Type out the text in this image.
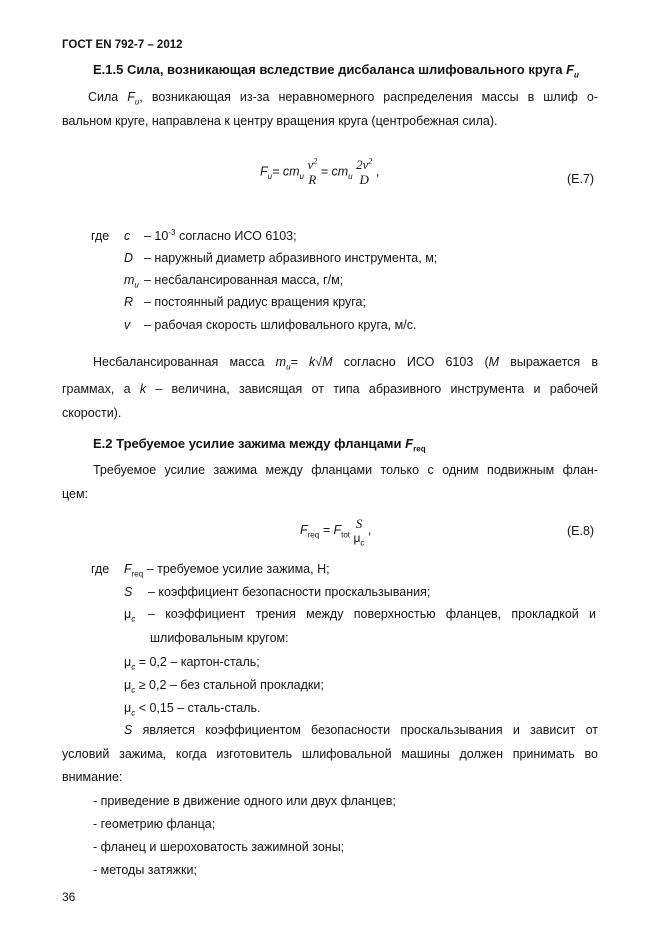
ГОСТ EN 792-7 – 2012
Е.1.5 Сила, возникающая вследствие дисбаланса шлифовального круга $F_u$
Сила $F_u$, возникающая из-за неравномерного распределения массы в шлиф о-
вальном круге, направлена к центру вращения круга (центробежная сила).
$F_u= cm_u$
$v^2$
R
= $cm_u$
$2v^2$
D
,
(E.7)
где c – $10^{-3}$ согласно ИСО 6103;
D – наружный диаметр абразивного инструмента, м;
$m_u$ – несбалансированная масса, г/м;
R – постоянный радиус вращения круга;
v – рабочая скорость шлифовального круга, м/с.
Несбалансированная масса $m_u= k√M$ согласно ИСО 6103 (M выражается в
граммах, а k – величина, зависящая от типа абразивного инструмента и рабочей
скорости).
Е.2 Требуемое усилие зажима между фланцами $F_{req}$
Требуемое усилие зажима между фланцами только с одним подвижным флан-
цем:
$F_{req} = F_{tot}$
S
$\mu_c$
,	(E.8)
где $F_{req}$ – требуемое усилие зажима, Н;
S – коэффициент безопасности проскальзывания;
$\mu_c$ – коэффициент трения между поверхностью фланцев, прокладкой и
шлифовальным кругом:
$\mu_c = 0,2$ – картон-сталь;
$\mu_c \ge 0,2$ – без стальной прокладки;
$\mu_c < 0,15$ – сталь-сталь.
S является коэффициентом безопасности проскальзывания и зависит от
условий зажима, когда изготовитель шлифовальной машины должен принимать во
внимание:
- приведение в движение одного или двух фланцев;
- геометрию фланца;
- фланец и шероховатость зажимной зоны;
- методы затяжки;
36
